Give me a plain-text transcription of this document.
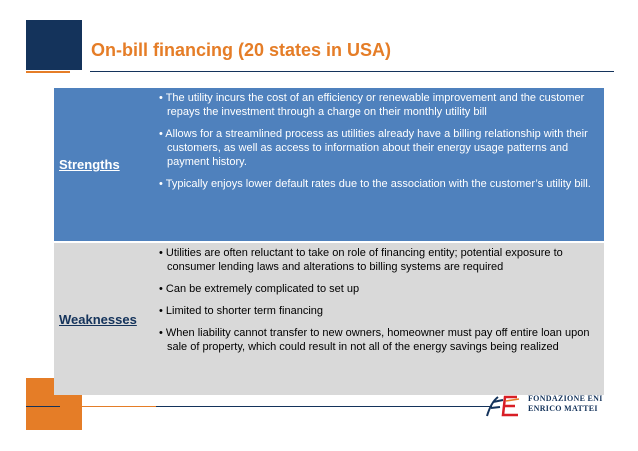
On-bill financing (20 states in USA)
Strengths
• The utility incurs the cost of an efficiency or renewable improvement and the customer repays the investment through a charge on their monthly utility bill
• Allows for a streamlined process as utilities already have a billing relationship with their customers, as well as access to information about their energy usage patterns and payment history.
• Typically enjoys lower default rates due to the association with the customer’s utility bill.
Weaknesses
• Utilities are often reluctant to take on role of financing entity; potential exposure to consumer lending laws and alterations to billing systems are required
• Can be extremely complicated to set up
• Limited to shorter term financing
• When liability cannot transfer to new owners, homeowner must pay off entire loan upon sale of property, which could result in not all of the energy savings being realized
FONDAZIONE ENI
ENRICO MATTEI
